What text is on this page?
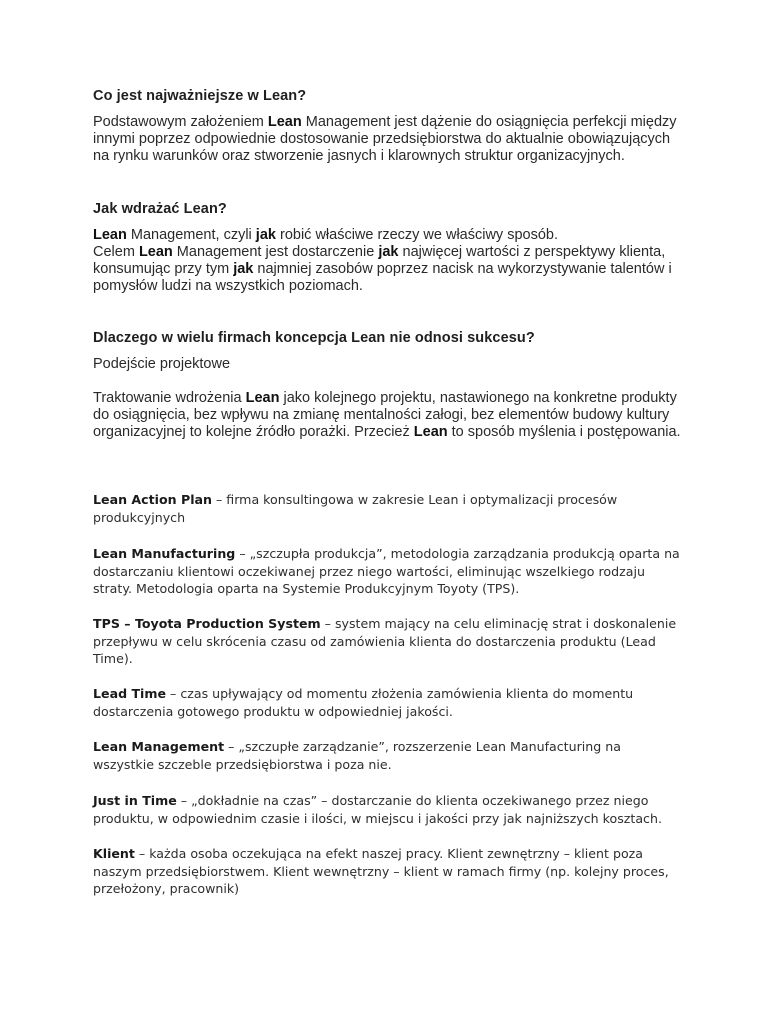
Co jest najważniejsze w Lean?
Podstawowym założeniem Lean Management jest dążenie do osiągnięcia perfekcji między innymi poprzez odpowiednie dostosowanie przedsiębiorstwa do aktualnie obowiązujących na rynku warunków oraz stworzenie jasnych i klarownych struktur organizacyjnych.
Jak wdrażać Lean?
Lean Management, czyli jak robić właściwe rzeczy we właściwy sposób.
Celem Lean Management jest dostarczenie jak najwięcej wartości z perspektywy klienta, konsumując przy tym jak najmniej zasobów poprzez nacisk na wykorzystywanie talentów i pomysłów ludzi na wszystkich poziomach.
Dlaczego w wielu firmach koncepcja Lean nie odnosi sukcesu?
Podejście projektowe
Traktowanie wdrożenia Lean jako kolejnego projektu, nastawionego na konkretne produkty do osiągnięcia, bez wpływu na zmianę mentalności załogi, bez elementów budowy kultury organizacyjnej to kolejne źródło porażki. Przecież Lean to sposób myślenia i postępowania.
Lean Action Plan – firma konsultingowa w zakresie Lean i optymalizacji procesów produkcyjnych
Lean Manufacturing – „szczupła produkcja”, metodologia zarządzania produkcją oparta na dostarczaniu klientowi oczekiwanej przez niego wartości, eliminując wszelkiego rodzaju straty. Metodologia oparta na Systemie Produkcyjnym Toyoty (TPS).
TPS – Toyota Production System – system mający na celu eliminację strat i doskonalenie przepływu w celu skrócenia czasu od zamówienia klienta do dostarczenia produktu (Lead Time).
Lead Time – czas upływający od momentu złożenia zamówienia klienta do momentu dostarczenia gotowego produktu w odpowiedniej jakości.
Lean Management – „szczupłe zarządzanie”, rozszerzenie Lean Manufacturing na wszystkie szczeble przedsiębiorstwa i poza nie.
Just in Time – „dokładnie na czas” – dostarczanie do klienta oczekiwanego przez niego produktu, w odpowiednim czasie i ilości, w miejscu i jakości przy jak najniższych kosztach.
Klient – każda osoba oczekująca na efekt naszej pracy. Klient zewnętrzny – klient poza naszym przedsiębiorstwem. Klient wewnętrzny – klient w ramach firmy (np. kolejny proces, przełożony, pracownik)
